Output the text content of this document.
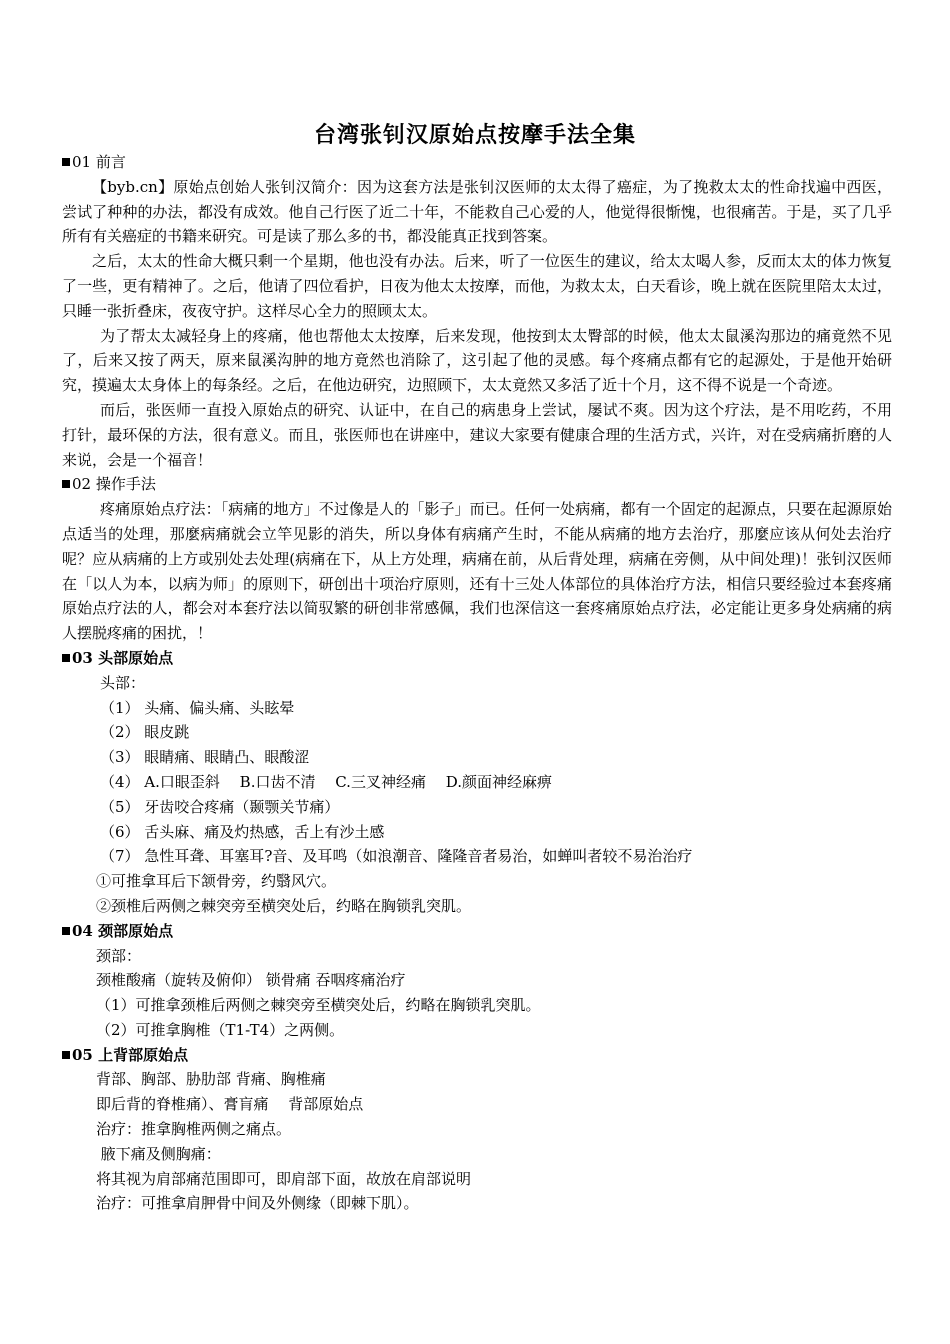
台湾张钊汉原始点按摩手法全集

01 前言

【byb.cn】原始点创始人张钊汉简介：因为这套方法是张钊汉医师的太太得了癌症，为了挽救太太的性命找遍中西医，尝试了种种的办法，都没有成效。他自己行医了近二十年，不能救自己心爱的人，他觉得很惭愧，也很痛苦。于是，买了几乎所有有关癌症的书籍来研究。可是读了那么多的书，都没能真正找到答案。

之后，太太的性命大概只剩一个星期，他也没有办法。后来，听了一位医生的建议，给太太喝人参，反而太太的体力恢复了一些，更有精神了。之后，他请了四位看护，日夜为他太太按摩，而他，为救太太，白天看诊，晚上就在医院里陪太太过，只睡一张折叠床，夜夜守护。这样尽心全力的照顾太太。

为了帮太太减轻身上的疼痛，他也帮他太太按摩，后来发现，他按到太太臀部的时候，他太太鼠溪沟那边的痛竟然不见了，后来又按了两天，原来鼠溪沟肿的地方竟然也消除了，这引起了他的灵感。每个疼痛点都有它的起源处，于是他开始研究，摸遍太太身体上的每条经。之后，在他边研究，边照顾下，太太竟然又多活了近十个月，这不得不说是一个奇迹。

而后，张医师一直投入原始点的研究、认证中，在自己的病患身上尝试，屡试不爽。因为这个疗法，是不用吃药，不用打针，最环保的方法，很有意义。而且，张医师也在讲座中，建议大家要有健康合理的生活方式，兴许，对在受病痛折磨的人来说，会是一个福音！

02 操作手法

疼痛原始点疗法：「病痛的地方」不过像是人的「影子」而已。任何一处病痛，都有一个固定的起源点，只要在起源原始点适当的处理，那麼病痛就会立竿见影的消失，所以身体有病痛产生时，不能从病痛的地方去治疗，那麼应该从何处去治疗呢？应从病痛的上方或别处去处理(病痛在下，从上方处理，病痛在前，从后背处理，病痛在旁侧，从中间处理)！张钊汉医师在「以人为本，以病为师」的原则下，研创出十项治疗原则，还有十三处人体部位的具体治疗方法，相信只要经验过本套疼痛原始点疗法的人，都会对本套疗法以简驭繁的研创非常感佩，我们也深信这一套疼痛原始点疗法，必定能让更多身处病痛的病人摆脱疼痛的困扰，！

03 头部原始点

头部：

（1） 头痛、偏头痛、头眩晕

（2） 眼皮跳

（3） 眼睛痛、眼睛凸、眼酸涩

（4） A.口眼歪斜 　B.口齿不清 　C.三叉神经痛 　D.颜面神经麻痹

（5） 牙齿咬合疼痛（颞颚关节痛）

（6） 舌头麻、痛及灼热感，舌上有沙土感

（7） 急性耳聋、耳塞耳?音、及耳鸣（如浪潮音、隆隆音者易治，如蝉叫者较不易治治疗

①可推拿耳后下颔骨旁，约翳风穴。

②颈椎后两侧之棘突旁至横突处后，约略在胸锁乳突肌。

04 颈部原始点

颈部：

颈椎酸痛（旋转及俯仰） 锁骨痛 吞咽疼痛治疗

（1）可推拿颈椎后两侧之棘突旁至横突处后，约略在胸锁乳突肌。

（2）可推拿胸椎（T1-T4）之两侧。

05 上背部原始点

背部、胸部、胁肋部 背痛、胸椎痛

即后背的脊椎痛）、膏肓痛　 背部原始点

治疗：推拿胸椎两侧之痛点。

腋下痛及侧胸痛：

将其视为肩部痛范围即可，即肩部下面，故放在肩部说明

治疗：可推拿肩胛骨中间及外侧缘（即棘下肌）。
